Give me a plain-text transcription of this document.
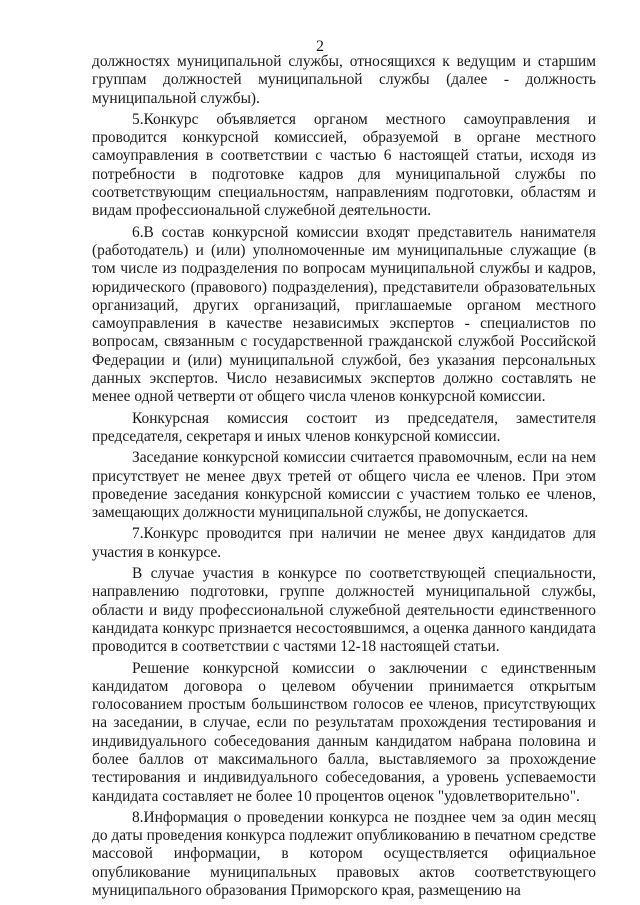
2

должностях муниципальной службы, относящихся к ведущим и старшим группам должностей муниципальной службы (далее - должность муниципальной службы).

5.Конкурс объявляется органом местного самоуправления и проводится конкурсной комиссией, образуемой в органе местного самоуправления в соответствии с частью 6 настоящей статьи, исходя из потребности в подготовке кадров для муниципальной службы по соответствующим специальностям, направлениям подготовки, областям и видам профессиональной служебной деятельности.

6.В состав конкурсной комиссии входят представитель нанимателя (работодатель) и (или) уполномоченные им муниципальные служащие (в том числе из подразделения по вопросам муниципальной службы и кадров, юридического (правового) подразделения), представители образовательных организаций, других организаций, приглашаемые органом местного самоуправления в качестве независимых экспертов - специалистов по вопросам, связанным с государственной гражданской службой Российской Федерации и (или) муниципальной службой, без указания персональных данных экспертов. Число независимых экспертов должно составлять не менее одной четверти от общего числа членов конкурсной комиссии.

Конкурсная комиссия состоит из председателя, заместителя председателя, секретаря и иных членов конкурсной комиссии.

Заседание конкурсной комиссии считается правомочным, если на нем присутствует не менее двух третей от общего числа ее членов. При этом проведение заседания конкурсной комиссии с участием только ее членов, замещающих должности муниципальной службы, не допускается.

7.Конкурс проводится при наличии не менее двух кандидатов для участия в конкурсе.

В случае участия в конкурсе по соответствующей специальности, направлению подготовки, группе должностей муниципальной службы, области и виду профессиональной служебной деятельности единственного кандидата конкурс признается несостоявшимся, а оценка данного кандидата проводится в соответствии с частями 12-18 настоящей статьи.

Решение конкурсной комиссии о заключении с единственным кандидатом договора о целевом обучении принимается открытым голосованием простым большинством голосов ее членов, присутствующих на заседании, в случае, если по результатам прохождения тестирования и индивидуального собеседования данным кандидатом набрана половина и более баллов от максимального балла, выставляемого за прохождение тестирования и индивидуального собеседования, а уровень успеваемости кандидата составляет не более 10 процентов оценок "удовлетворительно".

8.Информация о проведении конкурса не позднее чем за один месяц до даты проведения конкурса подлежит опубликованию в печатном средстве массовой информации, в котором осуществляется официальное опубликование муниципальных правовых актов соответствующего муниципального образования Приморского края, размещению на
